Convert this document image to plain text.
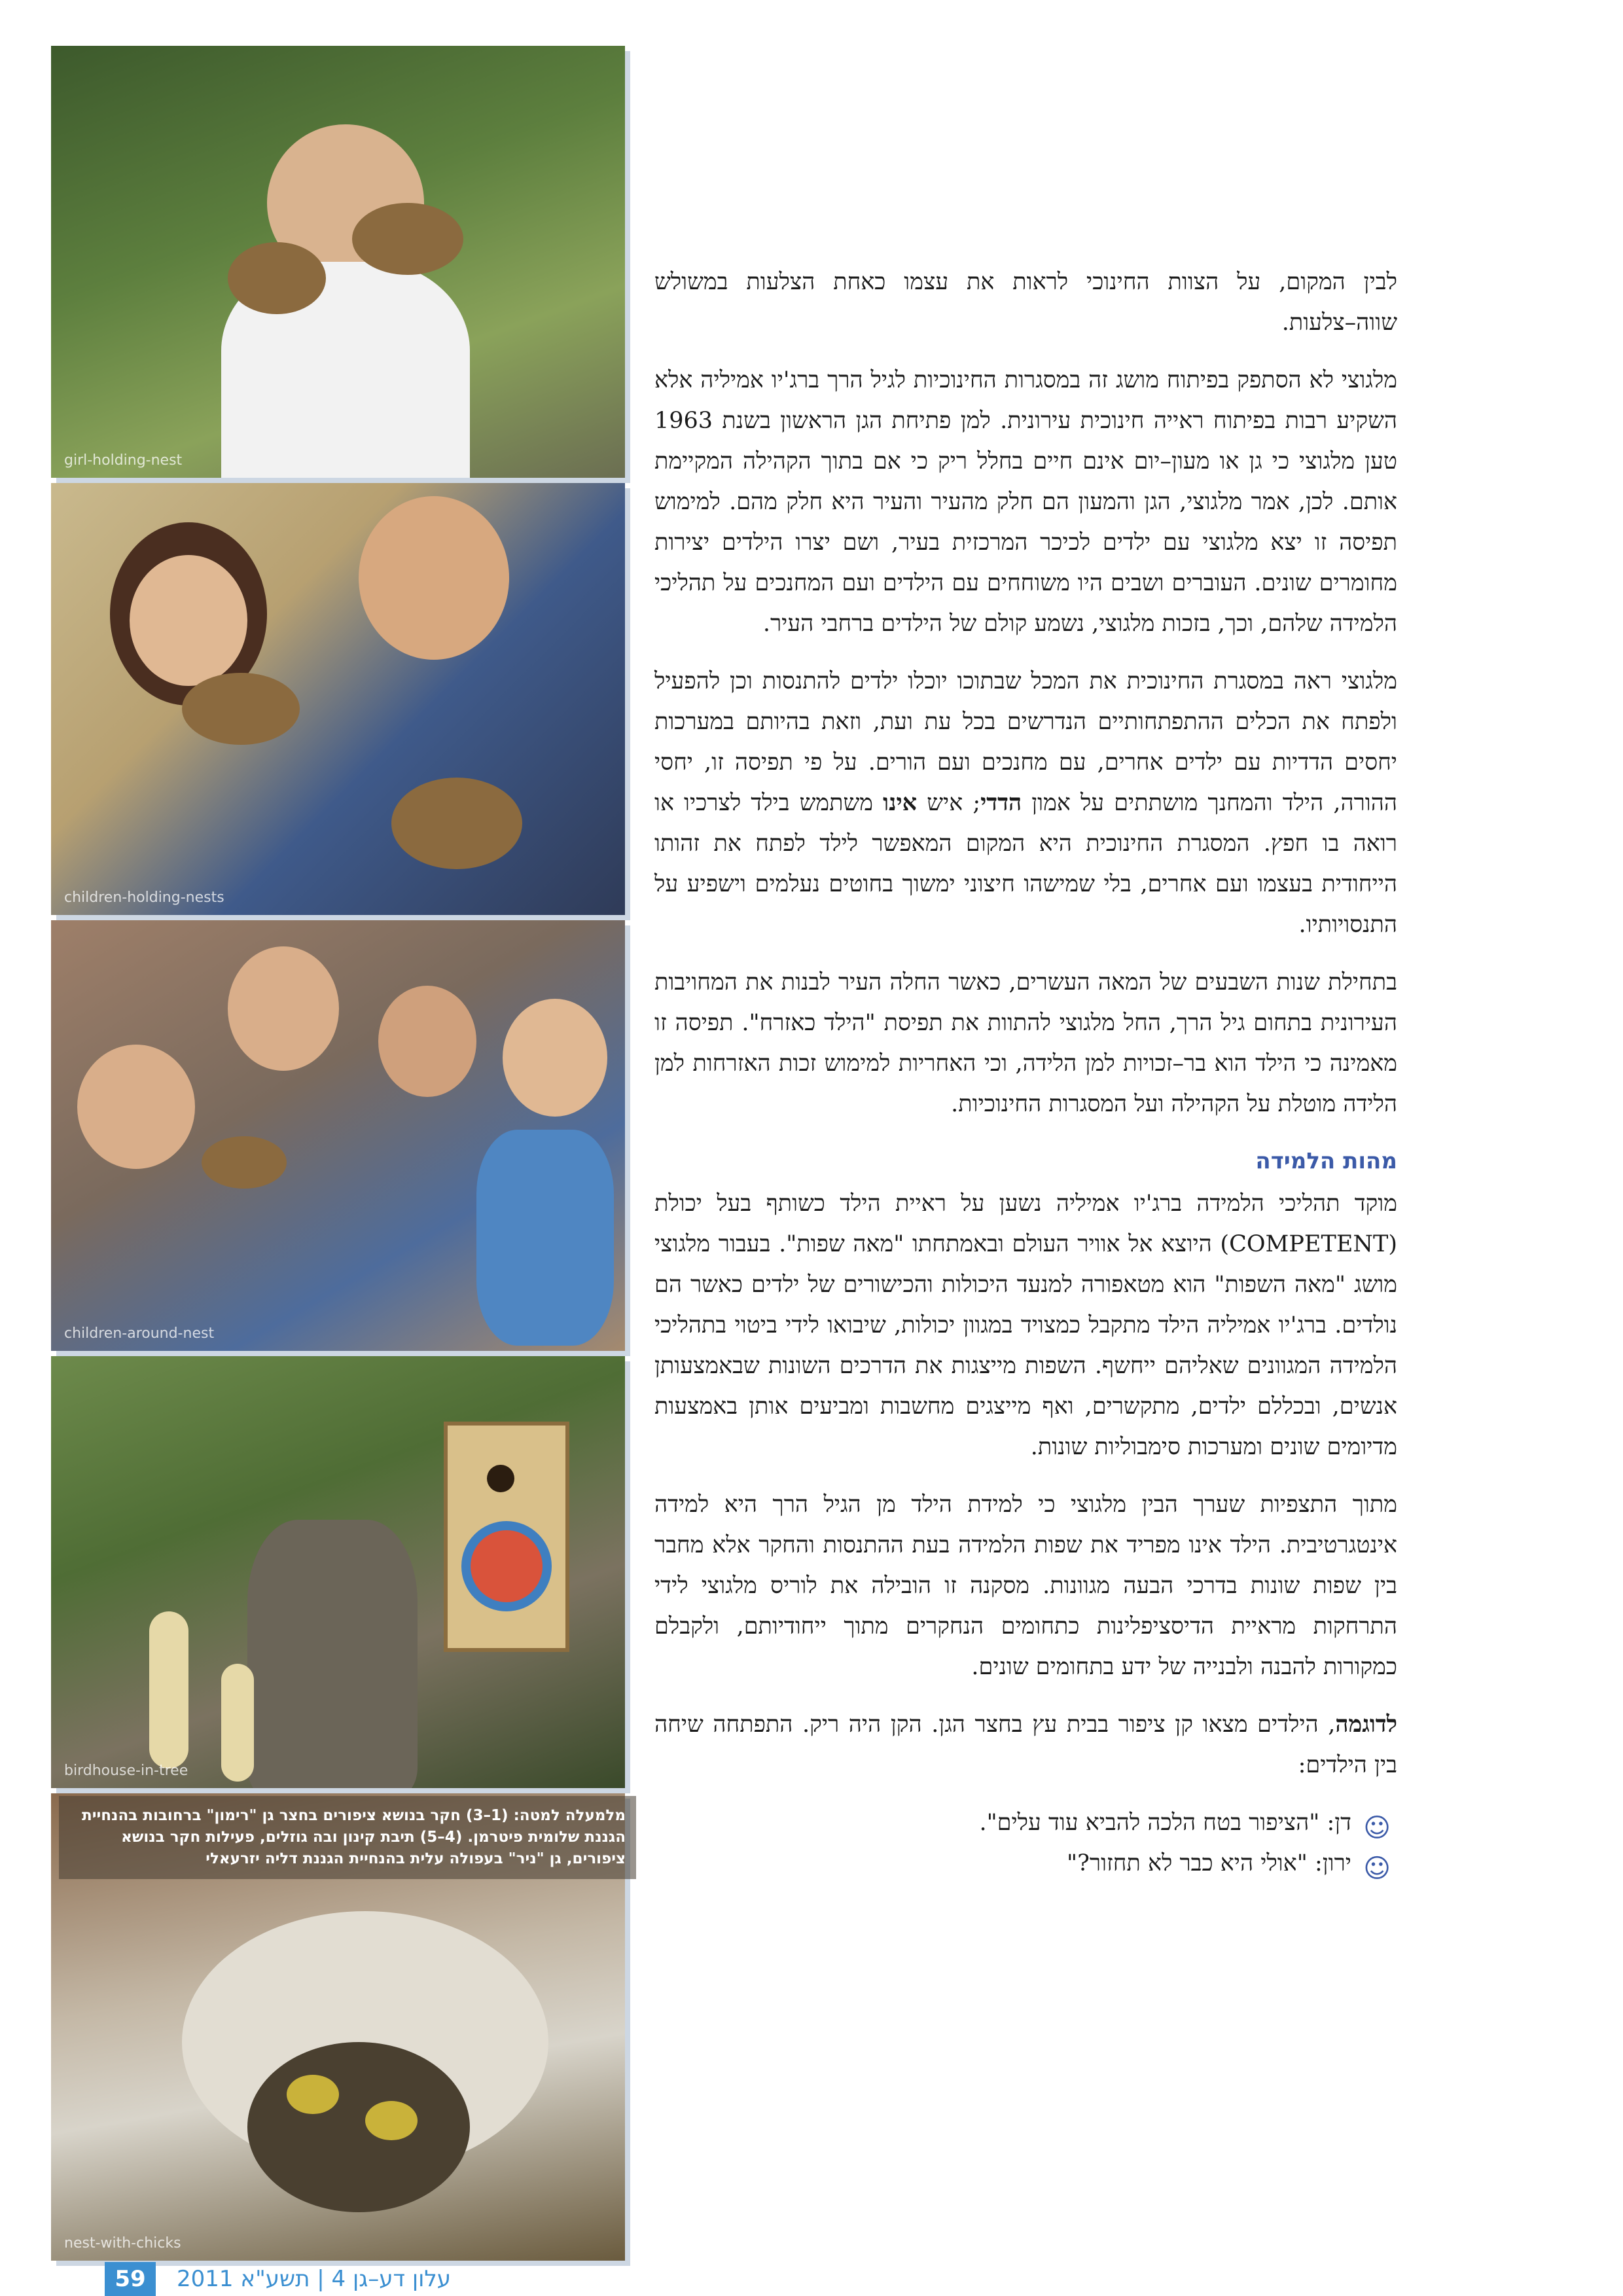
girl-holding-nest
children-holding-nests
children-around-nest
birdhouse-in-tree
nest-with-chicks
מלמעלה למטה: (1–3) חקר בנושא ציפורים בחצר גן "רימון" ברחובות בהנחיית הגננת שלומית פיטרמן. (4–5) תיבת קינון ובה גוזלים, פעילות חקר בנושא ציפורים, גן "ניר" בעפולה עלית בהנחיית הגננת דליה יזרעאלי

לבין המקום, על הצוות החינוכי לראות את עצמו כאחת הצלעות במשולש שווה–צלעות.

מלגוצי לא הסתפק בפיתוח מושג זה במסגרות החינוכיות לגיל הרך ברג'יו אמיליה אלא השקיע רבות בפיתוח ראייה חינוכית עירונית. למן פתיחת הגן הראשון בשנת 1963 טען מלגוצי כי גן או מעון–יום אינם חיים בחלל ריק כי אם בתוך הקהילה המקיימת אותם. לכן, אמר מלגוצי, הגן והמעון הם חלק מהעיר והעיר היא חלק מהם. למימוש תפיסה זו יצא מלגוצי עם ילדים לכיכר המרכזית בעיר, ושם יצרו הילדים יצירות מחומרים שונים. העוברים ושבים היו משוחחים עם הילדים ועם המחנכים על תהליכי הלמידה שלהם, וכך, בזכות מלגוצי, נשמע קולם של הילדים ברחבי העיר.

מלגוצי ראה במסגרת החינוכית את המכל שבתוכו יוכלו ילדים להתנסות וכן להפעיל ולפתח את הכלים ההתפתחותיים הנדרשים בכל עת ועת, וזאת בהיותם במערכות יחסים הדדיות עם ילדים אחרים, עם מחנכים ועם הורים. על פי תפיסה זו, יחסי ההורה, הילד והמחנך מושתתים על אמון הדדי; איש אינו משתמש בילד לצרכיו או רואה בו חפץ. המסגרת החינוכית היא המקום המאפשר לילד לפתח את זהותו הייחודית בעצמו ועם אחרים, בלי שמישהו חיצוני ימשוך בחוטים נעלמים וישפיע על התנסויותיו.

בתחילת שנות השבעים של המאה העשרים, כאשר החלה העיר לבנות את המחויבות העירונית בתחום גיל הרך, החל מלגוצי להתוות את תפיסת "הילד כאזרח". תפיסה זו מאמינה כי הילד הוא בר–זכויות למן הלידה, וכי האחריות למימוש זכות האזרחות למן הלידה מוטלת על הקהילה ועל המסגרות החינוכיות.

מהות הלמידה

מוקד תהליכי הלמידה ברג'יו אמיליה נשען על ראיית הילד כשותף בעל יכולת (COMPETENT) היוצא אל אוויר העולם ובאמתחתו "מאה שפות". בעבור מלגוצי מושג "מאה השפות" הוא מטאפורה למנעד היכולות והכישורים של ילדים כאשר הם נולדים. ברג'יו אמיליה הילד מתקבל כמצויד במגוון יכולות, שיבואו לידי ביטוי בתהליכי הלמידה המגוונים שאליהם ייחשף. השפות מייצגות את הדרכים השונות שבאמצעותן אנשים, ובכללם ילדים, מתקשרים, ואף מייצגים מחשבות ומביעים אותן באמצעות מדיומים שונים ומערכות סימבוליות שונות.

מתוך התצפיות שערך הבין מלגוצי כי למידת הילד מן הגיל הרך היא למידה אינטגרטיבית. הילד אינו מפריד את שפות הלמידה בעת ההתנסות והחקר אלא מחבר בין שפות שונות בדרכי הבעה מגוונות. מסקנה זו הובילה את לוריס מלגוצי לידי התרחקות מראיית הדיסציפלינות כתחומים הנחקרים מתוך ייחודיותם, ולקבלם כמקורות להבנה ולבנייה של ידע בתחומים שונים.

לדוגמה, הילדים מצאו קן ציפור בבית עץ בחצר הגן. הקן היה ריק. התפתחה שיחה בין הילדים:

☺
דן: "הציפור בטח הלכה להביא עוד עלים".
☺
ירון: "אולי היא כבר לא תחזור?"
59	עלון דע–גן 4 | תשע"א 2011
